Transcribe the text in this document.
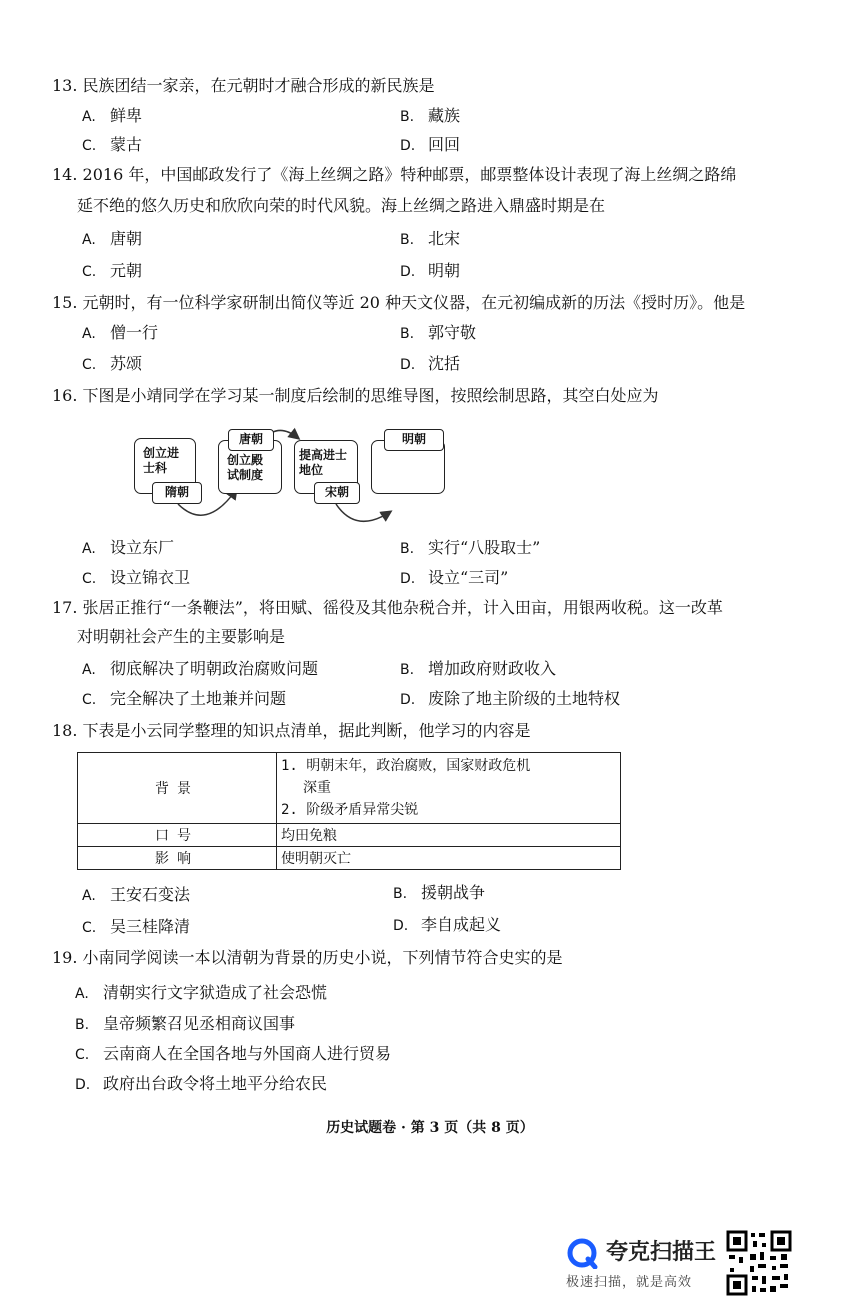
13. 民族团结一家亲，在元朝时才融合形成的新民族是

A. 鲜卑	B. 藏族
C. 蒙古	D. 回回

14. 2016 年，中国邮政发行了《海上丝绸之路》特种邮票，邮票整体设计表现了海上丝绸之路绵

延不绝的悠久历史和欣欣向荣的时代风貌。海上丝绸之路进入鼎盛时期是在

A. 唐朝	B. 北宋
C. 元朝	D. 明朝

15. 元朝时，有一位科学家研制出简仪等近 20 种天文仪器，在元初编成新的历法《授时历》。他是

A. 僧一行	B. 郭守敬
C. 苏颂	D. 沈括

16. 下图是小靖同学在学习某一制度后绘制的思维导图，按照绘制思路，其空白处应为

创立进
士科
隋朝
创立殿
试制度
唐朝
提高进士
地位
宋朝
明朝
A. 设立东厂	B. 实行“八股取士”
C. 设立锦衣卫	D. 设立“三司”

17. 张居正推行“一条鞭法”，将田赋、徭役及其他杂税合并，计入田亩，用银两收税。这一改革

对明朝社会产生的主要影响是

A. 彻底解决了明朝政治腐败问题	B. 增加政府财政收入
C. 完全解决了土地兼并问题	D. 废除了地主阶级的土地特权

18. 下表是小云同学整理的知识点清单，据此判断，他学习的内容是

背景	1. 明朝末年，政治腐败，国家财政危机
深重
2. 阶级矛盾异常尖锐

口号	均田免粮
影响	使明朝灭亡
A. 王安石变法	B. 援朝战争
C. 吴三桂降清	D. 李自成起义

19. 小南同学阅读一本以清朝为背景的历史小说，下列情节符合史实的是

A. 清朝实行文字狱造成了社会恐慌
B. 皇帝频繁召见丞相商议国事
C. 云南商人在全国各地与外国商人进行贸易
D. 政府出台政令将土地平分给农民
历史试题卷 · 第 3 页（共 8 页）
夸克扫描王
极速扫描，就是高效
